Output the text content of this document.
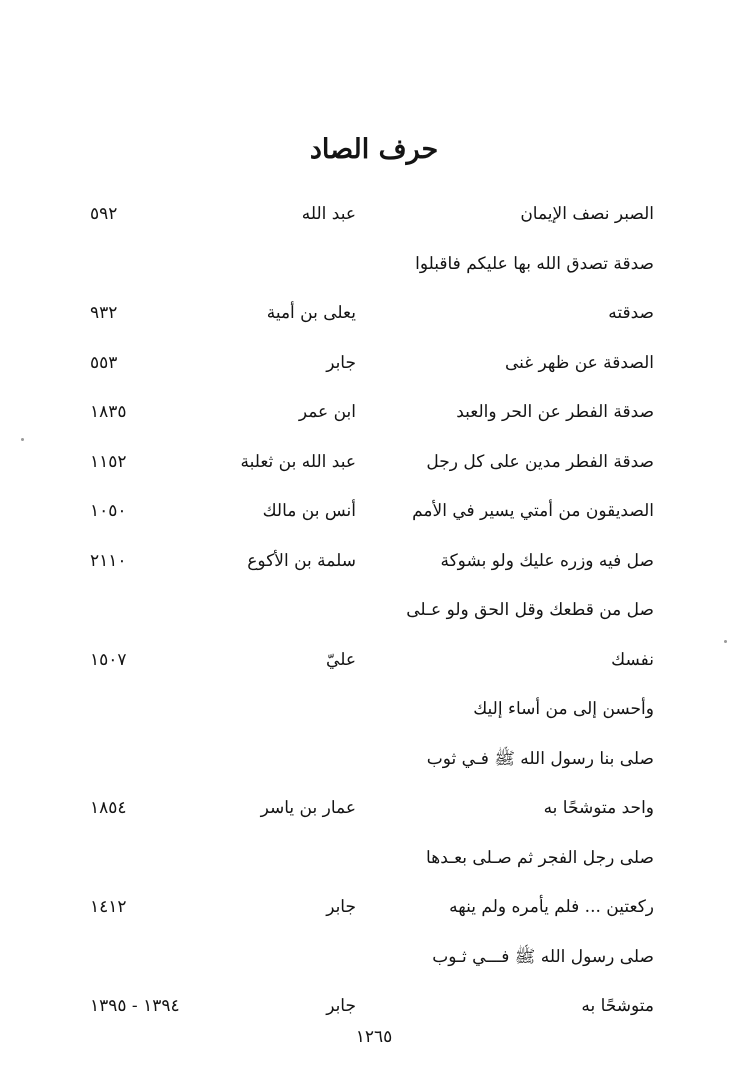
حرف الصاد
الصبر نصف الإيمان
عبد الله
٥٩٢
صدقة تصدق الله بها عليكم فاقبلوا
صدقته
يعلى بن أمية
٩٣٢
الصدقة عن ظهر غنى
جابر
٥٥٣
صدقة الفطر عن الحر والعبد
ابن عمر
١٨٣٥
صدقة الفطر مدين على كل رجل
عبد الله بن ثعلبة
١١٥٢
الصديقون من أمتي يسير في الأمم
أنس بن مالك
١٠٥٠
صل فيه وزره عليك ولو بشوكة
سلمة بن الأكوع
٢١١٠
صل من قطعك وقل الحق ولو عـلى
نفسك
عليّ
١٥٠٧
وأحسن إلى من أساء إليك
صلى بنا رسول الله ﷺ فـي ثوب
واحد متوشحًا به
عمار بن ياسر
١٨٥٤
صلى رجل الفجر ثم صـلى بعـدها
ركعتين ... فلم يأمره ولم ينهه
جابر
١٤١٢
صلى رسول الله ﷺ فـــي ثـوب
متوشحًا به
جابر
١٣٩٤ - ١٣٩٥
١٢٦٥
